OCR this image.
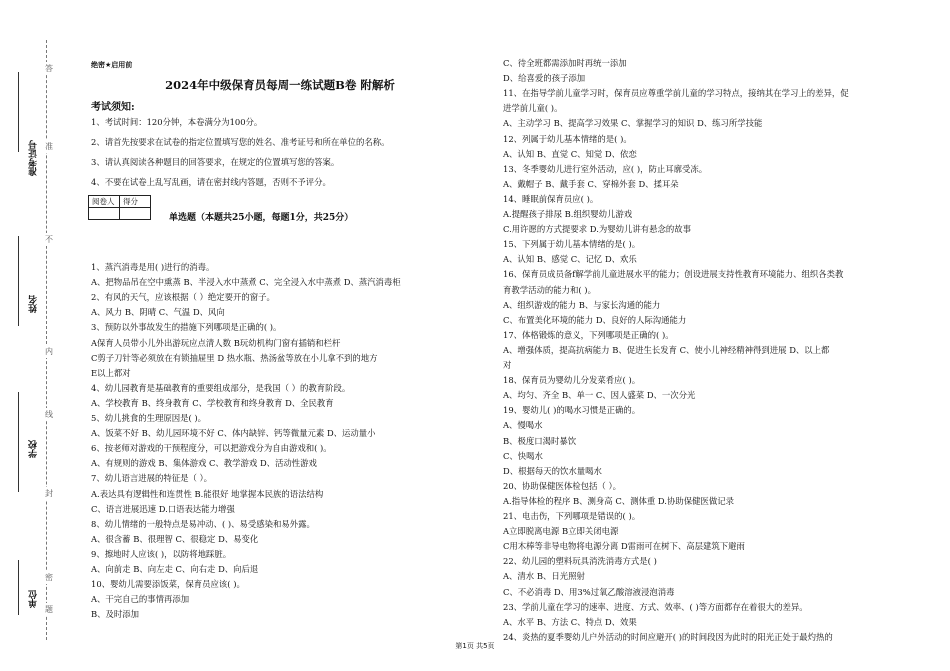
准考证号
姓名
学校
单位
答
准
不
内
线
封
密
题
绝密★启用前
2024年中级保育员每周一练试题B卷 附解析
考试须知:
1、考试时间：120分钟，本卷满分为100分。
2、请首先按要求在试卷的指定位置填写您的姓名、准考证号和所在单位的名称。
3、请认真阅读各种题目的回答要求，在规定的位置填写您的答案。
4、不要在试卷上乱写乱画，请在密封线内答题，否则不予评分。
阅卷人	得分

单选题（本题共25小题，每题1分，共25分）
1、蒸汽消毒是用( )进行的消毒。
A、把物品吊在空中熏蒸 B、半浸入水中蒸煮 C、完全浸入水中蒸煮 D、蒸汽消毒柜
2、有风的天气，应该根据（ ）绝定要开的窗子。
A、风力 B、阴晴 C、气温 D、风向
3、预防以外事故发生的措施下列哪项是正确的( )。
A保育人员带小儿外出游玩应点清人数 B玩幼机构门窗有插销和栏杆
C剪子刀针等必须放在有锁抽屉里 D 热水瓶、热汤盆等放在小儿拿不到的地方
E以上都对
4、幼儿园教育是基础教育的重要组成部分，是我国（ ）的教育阶段。
A、学校教育 B、终身教育 C、学校教育和终身教育 D、全民教育
5、幼儿挑食的生理原因是( )。
A、饭菜不好 B、幼儿园环境不好 C、体内缺锌、钙等微量元素 D、运动量小
6、按老师对游戏的干预程度分，可以把游戏分为自由游戏和( )。
A、有规则的游戏 B、集体游戏 C、教学游戏 D、活动性游戏
7、幼儿语言进展的特征是（ ）。
A.表达具有逻辑性和连贯性 B.能很好 地掌握本民族的语法结构
C、语言进展迅速 D.口语表达能力增强
8、幼儿情绪的一般特点是易冲动、( )、易受感染和易外露。
A、很含蓄 B、很理智 C、很稳定 D、易变化
9、擦地时人应该( )，以防将地踩脏。
A、向前走 B、向左走 C、向右走 D、向后退
10、婴幼儿需要添饭菜，保育员应该( )。
A、干完自己的事情再添加
B、及时添加
C、待全班都需添加时再统一添加
D、给喜爱的孩子添加
11、在指导学前儿童学习时，保育员应尊重学前儿童的学习特点，接纳其在学习上的差异，促
进学前儿童( )。
A、主动学习 B、提高学习效果 C、掌握学习的知识 D、练习所学技能
12、列属于幼儿基本情绪的是( )。
A、认知 B、直觉 C、知觉 D、依恋
13、冬季婴幼儿进行室外活动，应( )，防止耳廓受冻。
A、戴帽子 B、戴手套 C、穿棉外套 D、揉耳朵
14、睡眠前保育员应( )。
A.提醒孩子排尿 B.组织婴幼儿游戏
C.用许愿的方式提要求 D.为婴幼儿讲有悬念的故事
15、下列属于幼儿基本情绪的是( )。
A、认知 B、感觉 C、记忆 D、欢乐
16、保育员成员备f解学前儿童进展水平的能力；创设进展支持性教育环境能力、组织各类教
育教学活动的能力和( )。
A、组织游戏的能力 B、与家长沟通的能力
C、布置美化环境的能力 D、良好的人际沟通能力
17、体格锻炼的意义，下列哪项是正确的( )。
A、增强体质，提高抗病能力 B、促进生长发育 C、使小儿神经精神得到进展 D、以上都
对
18、保育员为婴幼儿分发菜肴应( )。
A、均匀、齐全 B、单一 C、因人盛菜 D、一次分光
19、婴幼儿( )的喝水习惯是正确的。
A、慢喝水
B、极度口渴时暴饮
C、快喝水
D、根据每天的饮水量喝水
20、协助保健医体检包括（ ）。
A.指导体检的程序 B、测身高 C、测体重 D.协助保健医做记录
21、电击伤，下列哪项是错误的( )。
A立即脱离电源 B立即关闭电源
C用木棒等非导电物将电源分离 D雷雨可在树下、高层建筑下避雨
22、幼儿园的塑料玩具消洗消毒方式是( )
A、清水 B、日光照射
C、不必消毒 D、用3%过氧乙酸溶液浸泡消毒
23、学前儿童在学习的速率、进度、方式、效率、( )等方面都存在着很大的差异。
A、水平 B、方法 C、特点 D、效果
24、炎热的夏季婴幼儿户外活动的时间应避开( )的时间段因为此时的阳光正处于最灼热的
第1页 共5页
